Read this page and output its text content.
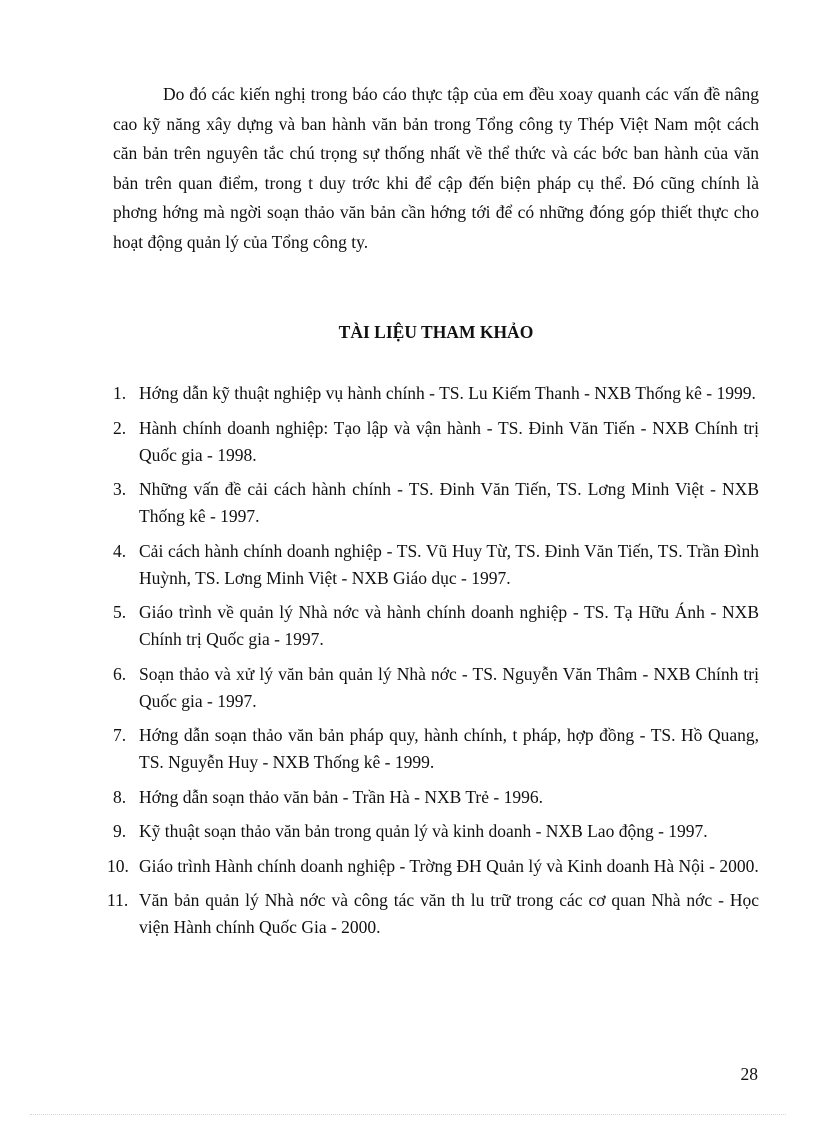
Do đó các kiến nghị trong báo cáo thực tập của em đều xoay quanh các vấn đề nâng cao kỹ năng xây dựng và ban hành văn bản trong Tổng công ty Thép Việt Nam một cách căn bản trên nguyên tắc chú trọng sự thống nhất về thể thức và các bớc ban hành của văn bản trên quan điểm, trong t duy trớc khi để cập đến biện pháp cụ thể. Đó cũng chính là phơng hớng mà ngời soạn thảo văn bản cần hớng tới để có những đóng góp thiết thực cho hoạt động quản lý của Tổng công ty.

TÀI LIỆU THAM KHẢO
1. Hớng dẫn kỹ thuật nghiệp vụ hành chính - TS. Lu Kiếm Thanh - NXB Thống kê - 1999.
2. Hành chính doanh nghiệp: Tạo lập và vận hành - TS. Đinh Văn Tiến - NXB Chính trị Quốc gia - 1998.
3. Những vấn đề cải cách hành chính - TS. Đinh Văn Tiến, TS. Lơng Minh Việt - NXB Thống kê - 1997.
4. Cải cách hành chính doanh nghiệp - TS. Vũ Huy Từ, TS. Đinh Văn Tiến, TS. Trần Đình Huỳnh, TS. Lơng Minh Việt - NXB Giáo dục - 1997.
5. Giáo trình về quản lý Nhà nớc và hành chính doanh nghiệp - TS. Tạ Hữu Ánh - NXB Chính trị Quốc gia - 1997.
6. Soạn thảo và xử lý văn bản quản lý Nhà nớc - TS. Nguyễn Văn Thâm - NXB Chính trị Quốc gia - 1997.
7. Hớng dẫn soạn thảo văn bản pháp quy, hành chính, t pháp, hợp đồng - TS. Hồ Quang, TS. Nguyễn Huy - NXB Thống kê - 1999.
8. Hớng dẫn soạn thảo văn bản - Trần Hà - NXB Trẻ - 1996.
9. Kỹ thuật soạn thảo văn bản trong quản lý và kinh doanh - NXB Lao động - 1997.
10. Giáo trình Hành chính doanh nghiệp - Trờng ĐH Quản lý và Kinh doanh Hà Nội - 2000.
11. Văn bản quản lý Nhà nớc và công tác văn th lu trữ trong các cơ quan Nhà nớc - Học viện Hành chính Quốc Gia - 2000.
28
